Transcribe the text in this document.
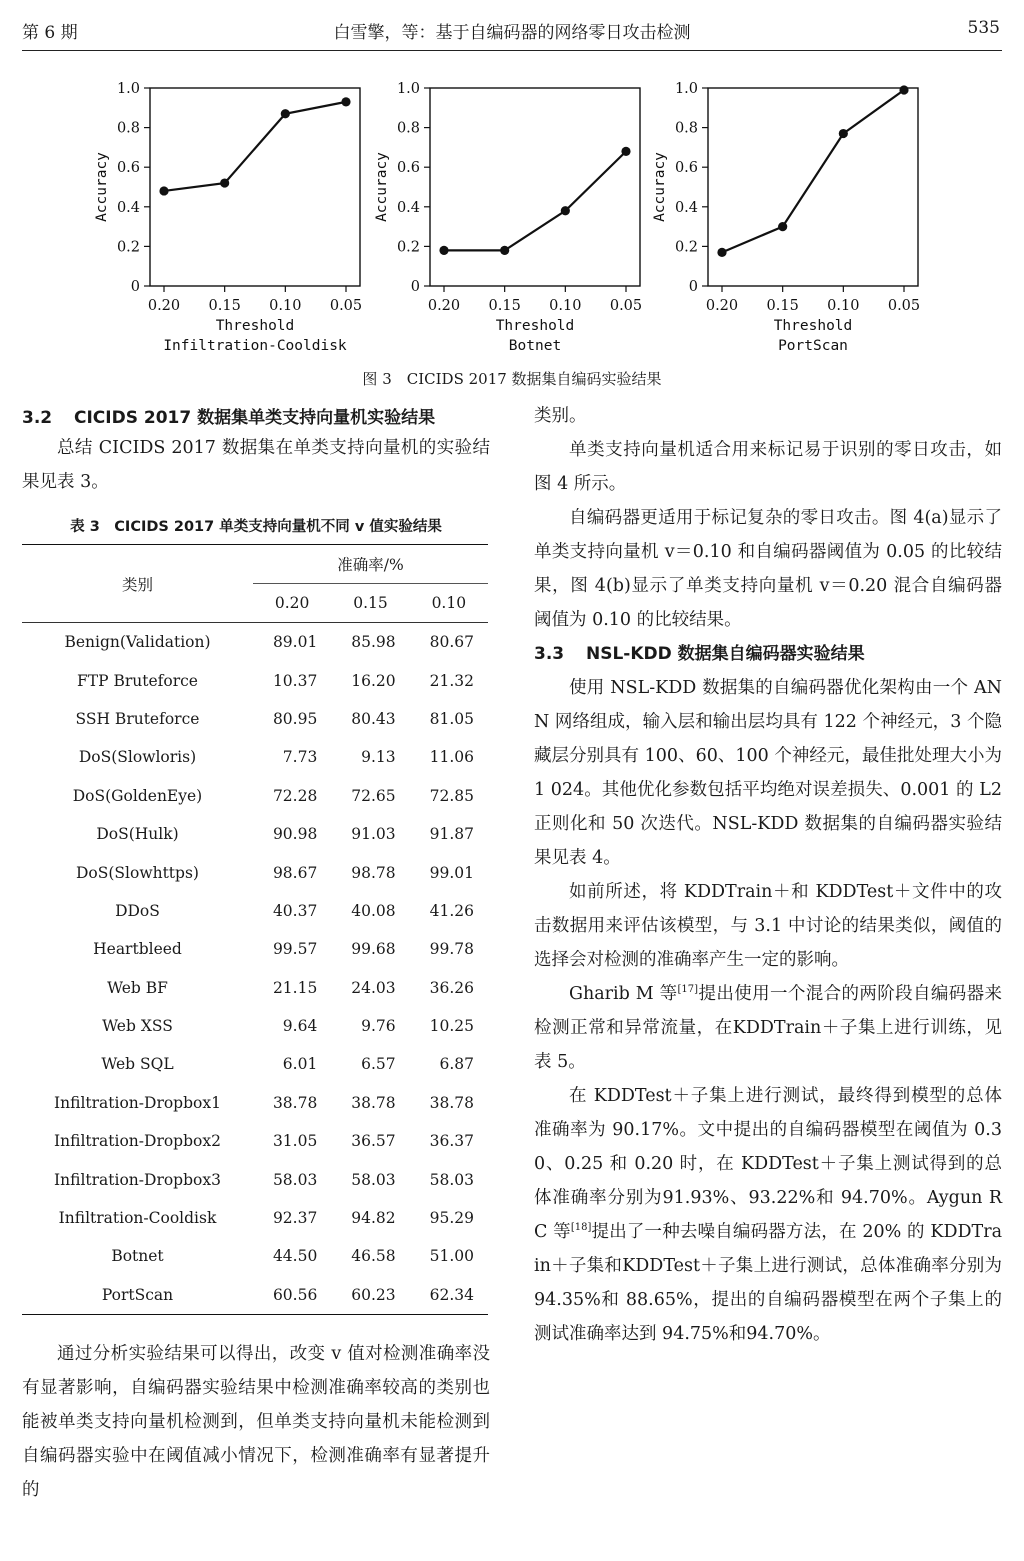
第 6 期	白雪擎，等：基于自编码器的网络零日攻击检测	535
0
0.2
0.4
0.6
0.8
1.0
0.20 0.15 0.10 0.05
Accuracy
Threshold
Infiltration-Cooldisk
0
0.2
0.4
0.6
0.8
1.0
0.20 0.15 0.10 0.05
Accuracy
Threshold
Botnet
0
0.2
0.4
0.6
0.8
1.0
0.20 0.15 0.10 0.05
Accuracy
Threshold
PortScan
图 3　CICIDS 2017 数据集自编码实验结果
3.2	CICIDS 2017 数据集单类支持向量机实验结果

总结 CICIDS 2017 数据集在单类支持向量机的实验结果见表 3。

表 3　CICIDS 2017 单类支持向量机不同 v 值实验结果
类别	准确率/%		
	0.20	0.15	0.10
Benign(Validation)	89.01	85.98	80.67
FTP Bruteforce	10.37	16.20	21.32
SSH Bruteforce	80.95	80.43	81.05
DoS(Slowloris)	7.73	9.13	11.06
DoS(GoldenEye)	72.28	72.65	72.85
DoS(Hulk)	90.98	91.03	91.87
DoS(Slowhttps)	98.67	98.78	99.01
DDoS	40.37	40.08	41.26
Heartbleed	99.57	99.68	99.78
Web BF	21.15	24.03	36.26
Web XSS	9.64	9.76	10.25
Web SQL	6.01	6.57	6.87
Infiltration-Dropbox1	38.78	38.78	38.78
Infiltration-Dropbox2	31.05	36.57	36.37
Infiltration-Dropbox3	58.03	58.03	58.03
Infiltration-Cooldisk	92.37	94.82	95.29
Botnet	44.50	46.58	51.00
PortScan	60.56	60.23	62.34

通过分析实验结果可以得出，改变 v 值对检测准确率没有显著影响，自编码器实验结果中检测准确率较高的类别也能被单类支持向量机检测到，但单类支持向量机未能检测到自编码器实验中在阈值减小情况下，检测准确率有显著提升的

类别。

单类支持向量机适合用来标记易于识别的零日攻击，如图 4 所示。

自编码器更适用于标记复杂的零日攻击。图 4(a)显示了单类支持向量机 v＝0.10 和自编码器阈值为 0.05 的比较结果，图 4(b)显示了单类支持向量机 v＝0.20 混合自编码器阈值为 0.10 的比较结果。

3.3	NSL-KDD 数据集自编码器实验结果

使用 NSL-KDD 数据集的自编码器优化架构由一个 ANN 网络组成，输入层和输出层均具有 122 个神经元，3 个隐藏层分别具有 100、60、100 个神经元，最佳批处理大小为 1 024。其他优化参数包括平均绝对误差损失、0.001 的 L2 正则化和 50 次迭代。NSL-KDD 数据集的自编码器实验结果见表 4。

如前所述，将 KDDTrain＋和 KDDTest＋文件中的攻击数据用来评估该模型，与 3.1 中讨论的结果类似，阈值的选择会对检测的准确率产生一定的影响。

Gharib M 等[17]提出使用一个混合的两阶段自编码器来检测正常和异常流量，在KDDTrain＋子集上进行训练，见表 5。

在 KDDTest＋子集上进行测试，最终得到模型的总体准确率为 90.17%。文中提出的自编码器模型在阈值为 0.30、0.25 和 0.20 时，在 KDDTest＋子集上测试得到的总体准确率分别为91.93%、93.22%和 94.70%。Aygun R C 等[18]提出了一种去噪自编码器方法，在 20% 的 KDDTrain＋子集和KDDTest＋子集上进行测试，总体准确率分别为 94.35%和 88.65%，提出的自编码器模型在两个子集上的测试准确率达到 94.75%和94.70%。
